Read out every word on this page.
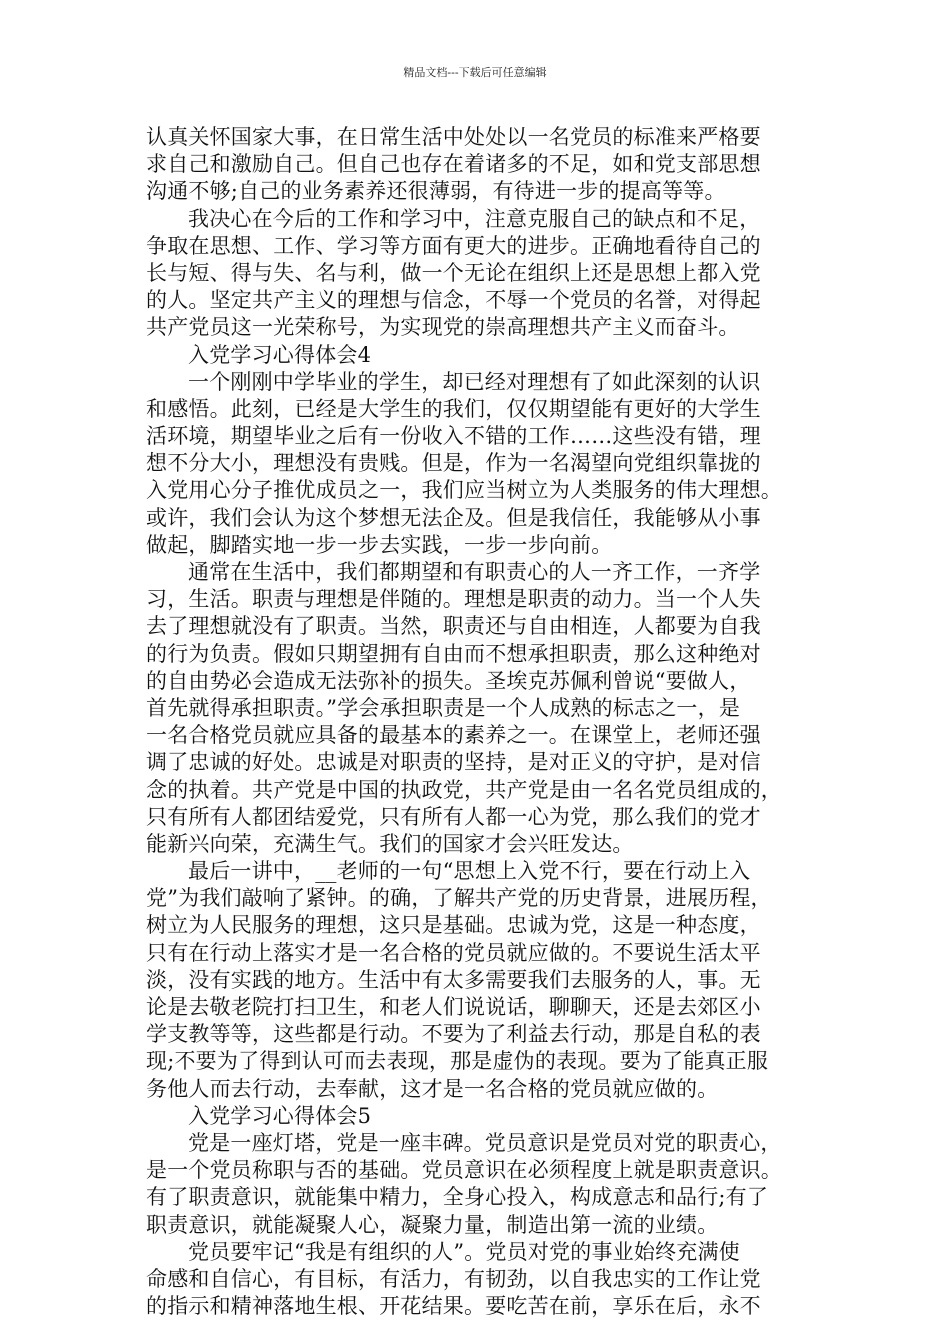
精品文档---下载后可任意编辑
认真关怀国家大事，在日常生活中处处以一名党员的标准来严格要
求自己和激励自己。但自己也存在着诸多的不足，如和党支部思想
沟通不够;自己的业务素养还很薄弱，有待进一步的提高等等。
我决心在今后的工作和学习中，注意克服自己的缺点和不足，
争取在思想、工作、学习等方面有更大的进步。正确地看待自己的
长与短、得与失、名与利，做一个无论在组织上还是思想上都入党
的人。坚定共产主义的理想与信念，不辱一个党员的名誉，对得起
共产党员这一光荣称号，为实现党的崇高理想共产主义而奋斗。
入党学习心得体会4
一个刚刚中学毕业的学生，却已经对理想有了如此深刻的认识
和感悟。此刻，已经是大学生的我们，仅仅期望能有更好的大学生
活环境，期望毕业之后有一份收入不错的工作……这些没有错，理
想不分大小，理想没有贵贱。但是，作为一名渴望向党组织靠拢的
入党用心分子推优成员之一，我们应当树立为人类服务的伟大理想。
或许，我们会认为这个梦想无法企及。但是我信任，我能够从小事
做起，脚踏实地一步一步去实践，一步一步向前。
通常在生活中，我们都期望和有职责心的人一齐工作，一齐学
习，生活。职责与理想是伴随的。理想是职责的动力。当一个人失
去了理想就没有了职责。当然，职责还与自由相连，人都要为自我
的行为负责。假如只期望拥有自由而不想承担职责，那么这种绝对
的自由势必会造成无法弥补的损失。圣埃克苏佩利曾说“要做人，
首先就得承担职责。”学会承担职责是一个人成熟的标志之一，是
一名合格党员就应具备的最基本的素养之一。在课堂上，老师还强
调了忠诚的好处。忠诚是对职责的坚持，是对正义的守护，是对信
念的执着。共产党是中国的执政党，共产党是由一名名党员组成的，
只有所有人都团结爱党，只有所有人都一心为党，那么我们的党才
能新兴向荣，充满生气。我们的国家才会兴旺发达。
最后一讲中，__老师的一句“思想上入党不行，要在行动上入
党”为我们敲响了紧钟。的确，了解共产党的历史背景，进展历程，
树立为人民服务的理想，这只是基础。忠诚为党，这是一种态度，
只有在行动上落实才是一名合格的党员就应做的。不要说生活太平
淡，没有实践的地方。生活中有太多需要我们去服务的人，事。无
论是去敬老院打扫卫生，和老人们说说话，聊聊天，还是去郊区小
学支教等等，这些都是行动。不要为了利益去行动，那是自私的表
现;不要为了得到认可而去表现，那是虚伪的表现。要为了能真正服
务他人而去行动，去奉献，这才是一名合格的党员就应做的。
入党学习心得体会5
党是一座灯塔，党是一座丰碑。党员意识是党员对党的职责心，
是一个党员称职与否的基础。党员意识在必须程度上就是职责意识。
有了职责意识，就能集中精力，全身心投入，构成意志和品行;有了
职责意识，就能凝聚人心，凝聚力量，制造出第一流的业绩。
党员要牢记“我是有组织的人”。党员对党的事业始终充满使
命感和自信心，有目标，有活力，有韧劲，以自我忠实的工作让党
的指示和精神落地生根、开花结果。要吃苦在前，享乐在后，永不
